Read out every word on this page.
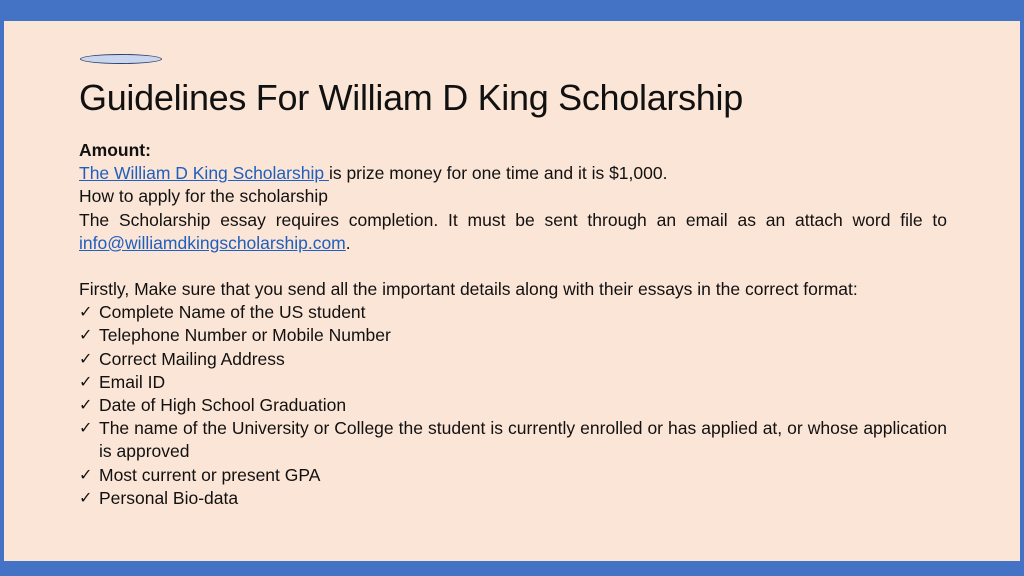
Guidelines For William D King Scholarship

Amount:

The William D King Scholarship is prize money for one time and it is $1,000.

How to apply for the scholarship

The Scholarship essay requires completion. It must be sent through an email as an attach word file to info@williamdkingscholarship.com.

Firstly, Make sure that you send all the important details along with their essays in the correct format:

✓ Complete Name of the US student
✓ Telephone Number or Mobile Number
✓ Correct Mailing Address
✓ Email ID
✓ Date of High School Graduation
✓ The name of the University or College the student is currently enrolled or has applied at, or whose application is approved
✓ Most current or present GPA
✓ Personal Bio-data
